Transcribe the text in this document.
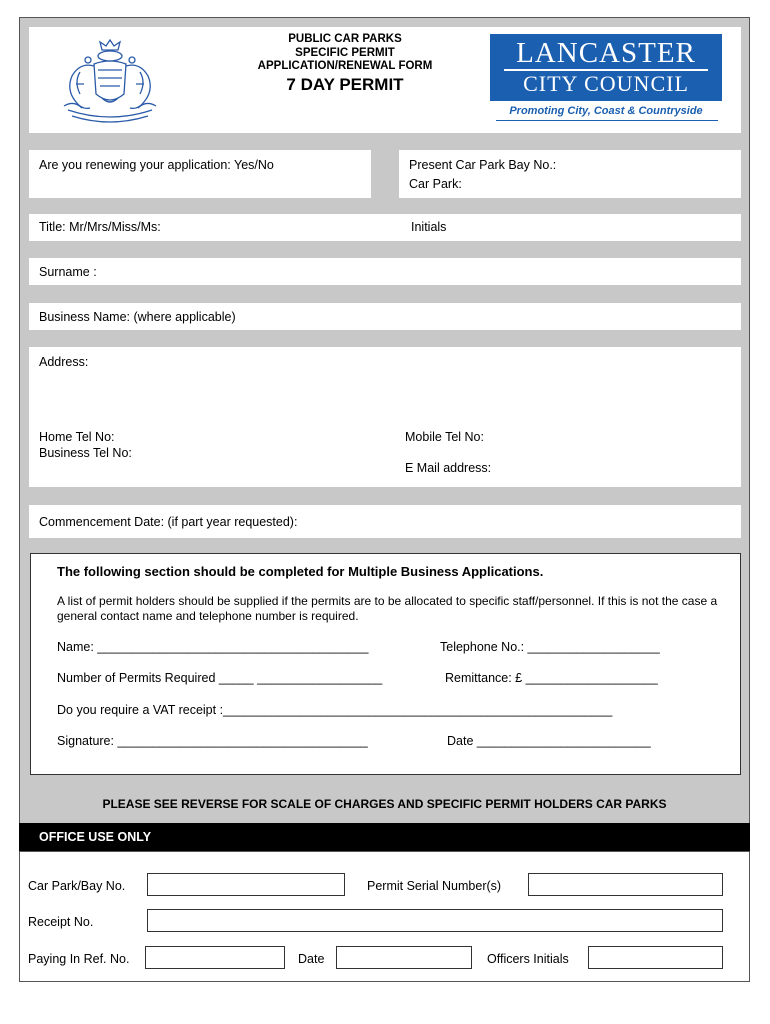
PUBLIC CAR PARKS
SPECIFIC PERMIT
APPLICATION/RENEWAL FORM
7 DAY PERMIT
LANCASTER
CITY COUNCIL
Promoting City, Coast & Countryside
Are you renewing your application: Yes/No	Present Car Park Bay No.:
Car Park:
Title: Mr/Mrs/Miss/Ms:	Initials
Surname :
Business Name: (where applicable)
Address:
Home Tel No:
Business Tel No:
Mobile Tel No:
E Mail address:
Commencement Date: (if part year requested):
The following section should be completed for Multiple Business Applications.
A list of permit holders should be supplied if the permits are to be allocated to specific staff/personnel. If this is not the case a general contact name and telephone number is required.
Name: _______________________________________	Telephone No.: ___________________
Number of Permits Required _____ __________________	Remittance: £ ___________________
Do you require a VAT receipt :________________________________________________________
Signature: ____________________________________	Date _________________________
PLEASE SEE REVERSE FOR SCALE OF CHARGES AND SPECIFIC PERMIT HOLDERS CAR PARKS
OFFICE USE ONLY
Car Park/Bay No.	Permit Serial Number(s)
Receipt No.
Paying In Ref. No.	Date	Officers Initials
